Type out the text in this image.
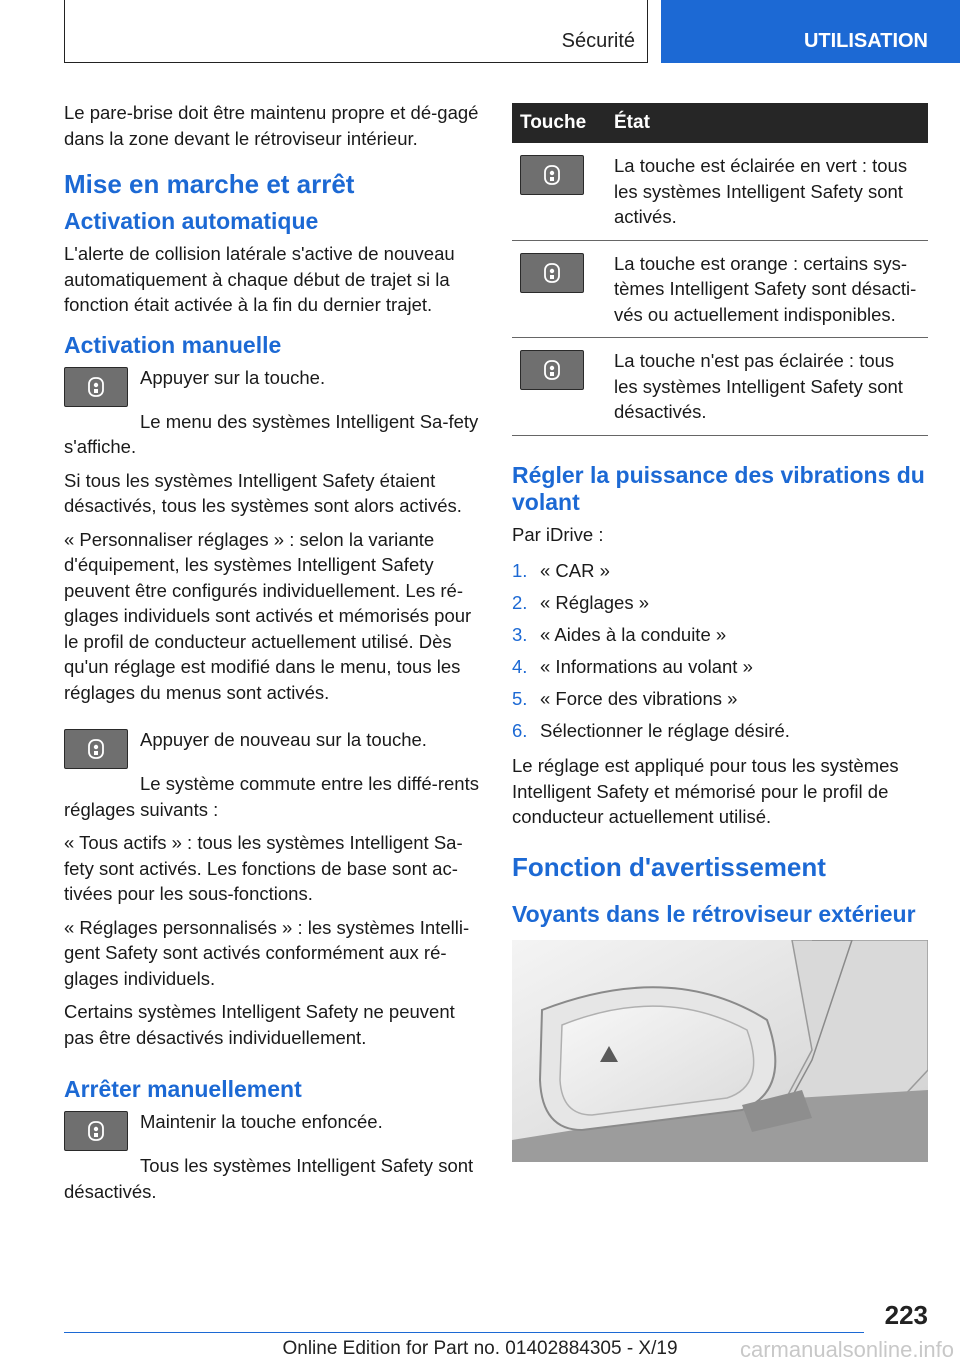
Sécurité	UTILISATION

Le pare-brise doit être maintenu propre et dé-gagé dans la zone devant le rétroviseur intérieur.

Mise en marche et arrêt
Activation automatique

L'alerte de collision latérale s'active de nouveau automatiquement à chaque début de trajet si la fonction était activée à la fin du dernier trajet.

Activation manuelle

Appuyer sur la touche.

Le menu des systèmes Intelligent Sa-fety s'affiche.

Si tous les systèmes Intelligent Safety étaient désactivés, tous les systèmes sont alors activés.

« Personnaliser réglages » : selon la variante d'équipement, les systèmes Intelligent Safety peuvent être configurés individuellement. Les ré-glages individuels sont activés et mémorisés pour le profil de conducteur actuellement utilisé. Dès qu'un réglage est modifié dans le menu, tous les réglages du menus sont activés.

Appuyer de nouveau sur la touche.

Le système commute entre les diffé-rents réglages suivants :

« Tous actifs » : tous les systèmes Intelligent Sa-fety sont activés. Les fonctions de base sont ac-tivées pour les sous-fonctions.

« Réglages personnalisés » : les systèmes Intelli-gent Safety sont activés conformément aux ré-glages individuels.

Certains systèmes Intelligent Safety ne peuvent pas être désactivés individuellement.

Arrêter manuellement

Maintenir la touche enfoncée.

Tous les systèmes Intelligent Safety sont désactivés.

Touche	État

	La touche est éclairée en vert : tous les systèmes Intelligent Safety sont activés.

	La touche est orange : certains sys-tèmes Intelligent Safety sont désacti-vés ou actuellement indisponibles.

	La touche n'est pas éclairée : tous les systèmes Intelligent Safety sont désactivés.
Régler la puissance des vibrations du volant

Par iDrive :

1. « CAR »
2. « Réglages »
3. « Aides à la conduite »
4. « Informations au volant »
5. « Force des vibrations »
6. Sélectionner le réglage désiré.

Le réglage est appliqué pour tous les systèmes Intelligent Safety et mémorisé pour le profil de conducteur actuellement utilisé.

Fonction d'avertissement
Voyants dans le rétroviseur extérieur
223
Online Edition for Part no. 01402884305 - X/19	carmanualsonline.info
